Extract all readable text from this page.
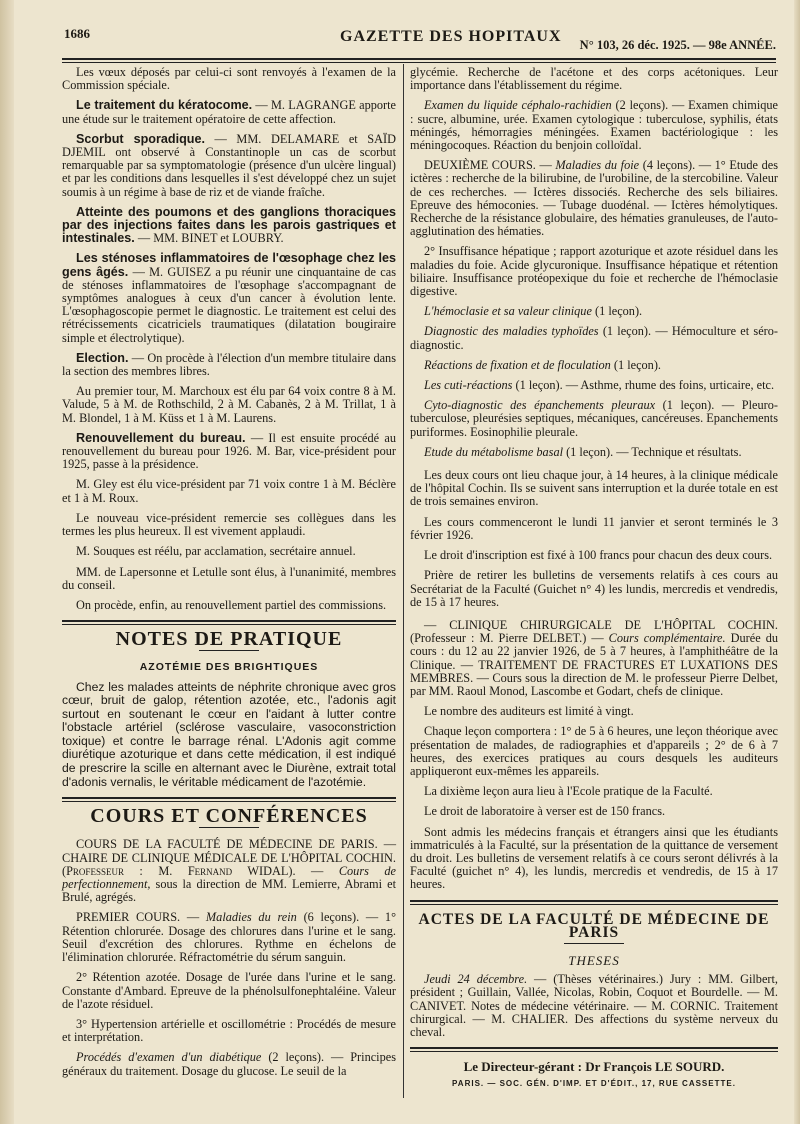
1686	GAZETTE DES HOPITAUX N° 103, 26 déc. 1925. — 98e ANNÉE.

Les vœux déposés par celui-ci sont renvoyés à l'examen de la Commission spéciale.

Le traitement du kératocome. — M. LAGRANGE apporte une étude sur le traitement opératoire de cette affection.

Scorbut sporadique. — MM. DELAMARE et SAÏD DJEMIL ont observé à Constantinople un cas de scorbut remarquable par sa symptomatologie (présence d'un ulcère lingual) et par les conditions dans lesquelles il s'est développé chez un sujet soumis à un régime à base de riz et de viande fraîche.

Atteinte des poumons et des ganglions thoraciques par des injections faites dans les parois gastriques et intestinales. — MM. BINET et LOUBRY.

Les sténoses inflammatoires de l'œsophage chez les gens âgés. — M. GUISEZ a pu réunir une cinquantaine de cas de sténoses inflammatoires de l'œsophage s'accompagnant de symptômes analogues à ceux d'un cancer à évolution lente. L'œsophagoscopie permet le diagnostic. Le traitement est celui des rétrécissements cicatriciels traumatiques (dilatation bougiraire simple et électrolytique).

Election. — On procède à l'élection d'un membre titulaire dans la section des membres libres.

Au premier tour, M. Marchoux est élu par 64 voix contre 8 à M. Valude, 5 à M. de Rothschild, 2 à M. Cabanès, 2 à M. Trillat, 1 à M. Blondel, 1 à M. Küss et 1 à M. Laurens.

Renouvellement du bureau. — Il est ensuite procédé au renouvellement du bureau pour 1926. M. Bar, vice-président pour 1925, passe à la présidence.

M. Gley est élu vice-président par 71 voix contre 1 à M. Béclère et 1 à M. Roux.

Le nouveau vice-président remercie ses collègues dans les termes les plus heureux. Il est vivement applaudi.

M. Souques est réélu, par acclamation, secrétaire annuel.

MM. de Lapersonne et Letulle sont élus, à l'unanimité, membres du conseil.

On procède, enfin, au renouvellement partiel des commissions.

NOTES DE PRATIQUE
AZOTÉMIE DES BRIGHTIQUES

Chez les malades atteints de néphrite chronique avec gros cœur, bruit de galop, rétention azotée, etc., l'adonis agit surtout en soutenant le cœur en l'aidant à lutter contre l'obstacle artériel (sclérose vasculaire, vasoconstriction toxique) et contre le barrage rénal. L'Adonis agit comme diurétique azoturique et dans cette médication, il est indiqué de prescrire la scille en alternant avec le Diurène, extrait total d'adonis vernalis, le véritable médicament de l'azotémie.

COURS ET CONFÉRENCES

COURS DE LA FACULTÉ DE MÉDECINE DE PARIS. — CHAIRE DE CLINIQUE MÉDICALE DE L'HÔPITAL COCHIN. (Professeur : M. Fernand WIDAL). — Cours de perfectionnement, sous la direction de MM. Lemierre, Abrami et Brulé, agrégés.

PREMIER COURS. — Maladies du rein (6 leçons). — 1° Rétention chlorurée. Dosage des chlorures dans l'urine et le sang. Seuil d'excrétion des chlorures. Rythme en échelons de l'élimination chlorurée. Réfractométrie du sérum sanguin.

2° Rétention azotée. Dosage de l'urée dans l'urine et le sang. Constante d'Ambard. Epreuve de la phénolsulfonephtaléine. Valeur de l'azote résiduel.

3° Hypertension artérielle et oscillométrie : Procédés de mesure et interprétation.

Procédés d'examen d'un diabétique (2 leçons). — Principes généraux du traitement. Dosage du glucose. Le seuil de la

glycémie. Recherche de l'acétone et des corps acétoniques. Leur importance dans l'établissement du régime.

Examen du liquide céphalo-rachidien (2 leçons). — Examen chimique : sucre, albumine, urée. Examen cytologique : tuberculose, syphilis, états méningés, hémorragies méningées. Examen bactériologique : les méningocoques. Réaction du benjoin colloïdal.

DEUXIÈME COURS. — Maladies du foie (4 leçons). — 1° Etude des ictères : recherche de la bilirubine, de l'urobiline, de la stercobiline. Valeur de ces recherches. — Ictères dissociés. Recherche des sels biliaires. Epreuve des hémoconies. — Tubage duodénal. — Ictères hémolytiques. Recherche de la résistance globulaire, des hématies granuleuses, de l'auto-agglutination des hématies.

2° Insuffisance hépatique ; rapport azoturique et azote résiduel dans les maladies du foie. Acide glycuronique. Insuffisance hépatique et rétention biliaire. Insuffisance protéopexique du foie et recherche de l'hémoclasie digestive.

L'hémoclasie et sa valeur clinique (1 leçon).

Diagnostic des maladies typhoïdes (1 leçon). — Hémoculture et séro-diagnostic.

Réactions de fixation et de floculation (1 leçon).

Les cuti-réactions (1 leçon). — Asthme, rhume des foins, urticaire, etc.

Cyto-diagnostic des épanchements pleuraux (1 leçon). — Pleuro-tuberculose, pleurésies septiques, mécaniques, cancéreuses. Epanchements puriformes. Eosinophilie pleurale.

Etude du métabolisme basal (1 leçon). — Technique et résultats.

Les deux cours ont lieu chaque jour, à 14 heures, à la clinique médicale de l'hôpital Cochin. Ils se suivent sans interruption et la durée totale en est de trois semaines environ.

Les cours commenceront le lundi 11 janvier et seront terminés le 3 février 1926.

Le droit d'inscription est fixé à 100 francs pour chacun des deux cours.

Prière de retirer les bulletins de versements relatifs à ces cours au Secrétariat de la Faculté (Guichet n° 4) les lundis, mercredis et vendredis, de 15 à 17 heures.

— CLINIQUE CHIRURGICALE DE L'HÔPITAL COCHIN. (Professeur : M. Pierre DELBET.) — Cours complémentaire. Durée du cours : du 12 au 22 janvier 1926, de 5 à 7 heures, à l'amphithéâtre de la Clinique. — TRAITEMENT DE FRACTURES ET LUXATIONS DES MEMBRES. — Cours sous la direction de M. le professeur Pierre Delbet, par MM. Raoul Monod, Lascombe et Godart, chefs de clinique.

Le nombre des auditeurs est limité à vingt.

Chaque leçon comportera : 1° de 5 à 6 heures, une leçon théorique avec présentation de malades, de radiographies et d'appareils ; 2° de 6 à 7 heures, des exercices pratiques au cours desquels les auditeurs appliqueront eux-mêmes les appareils.

La dixième leçon aura lieu à l'Ecole pratique de la Faculté.

Le droit de laboratoire à verser est de 150 francs.

Sont admis les médecins français et étrangers ainsi que les étudiants immatriculés à la Faculté, sur la présentation de la quittance de versement du droit. Les bulletins de versement relatifs à ce cours seront délivrés à la Faculté (guichet n° 4), les lundis, mercredis et vendredis, de 15 à 17 heures.

ACTES DE LA FACULTÉ DE MÉDECINE DE PARIS
THESES

Jeudi 24 décembre. — (Thèses vétérinaires.) Jury : MM. Gilbert, président ; Guillain, Vallée, Nicolas, Robin, Coquot et Bourdelle. — M. CANIVET. Notes de médecine vétérinaire. — M. CORNIC. Traitement chirurgical. — M. CHALIER. Des affections du système nerveux du cheval.

Le Directeur-gérant : Dr François LE SOURD.
PARIS. — SOC. GÉN. D'IMP. ET D'ÉDIT., 17, RUE CASSETTE.
